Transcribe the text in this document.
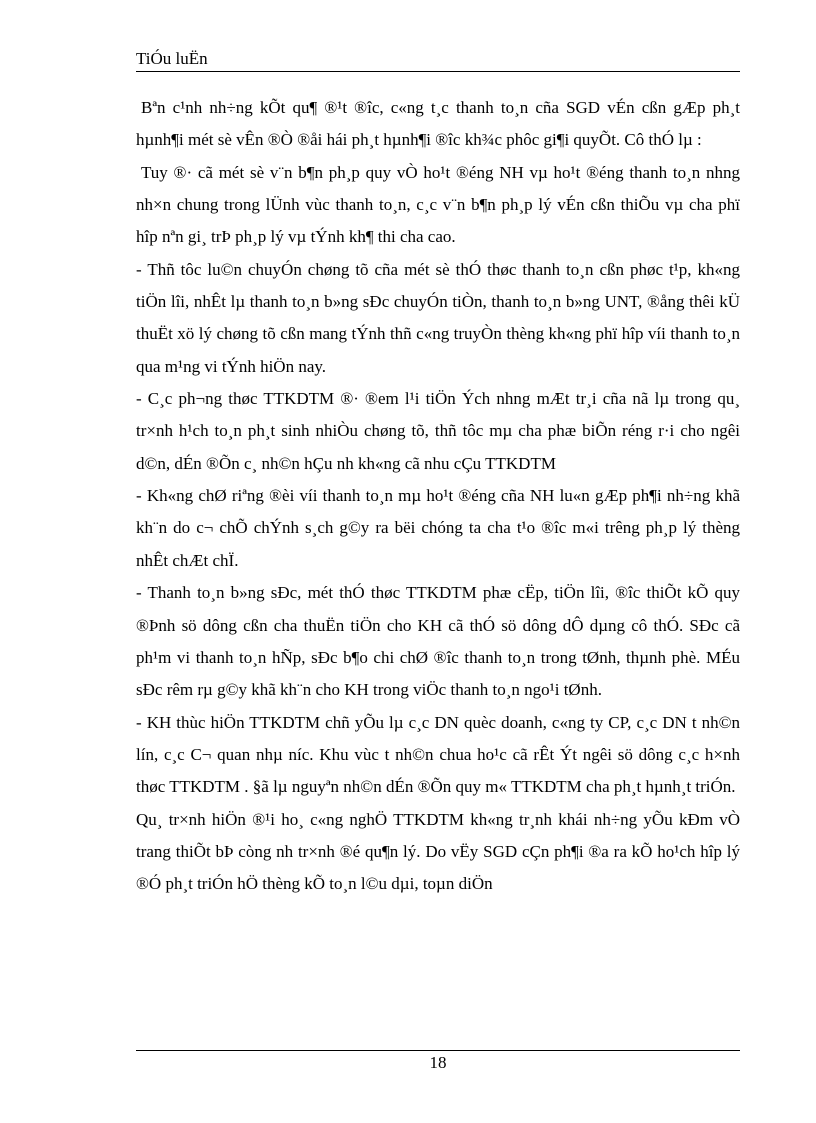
TiÓu luËn

Bªn c¹nh nh÷ng kÕt qu¶ ®¹t ®îc, c«ng t¸c thanh to¸n cña SGD vÉn cßn gÆp ph¸t hµnh¶i mét sè vÊn ®Ò ®åi hái ph¸t hµnh¶i ®îc kh¾c phôc gi¶i quyÕt. Cô thÓ lµ :

Tuy ®· cã mét sè v¨n b¶n ph¸p quy vÒ ho¹t ®éng NH vµ ho¹t ®éng thanh to¸n nhng nh×n chung trong lÜnh vùc thanh to¸n, c¸c v¨n b¶n ph¸p lý vÉn cßn thiÕu vµ cha phï hîp nªn gi¸ trÞ ph¸p lý vµ tÝnh kh¶ thi cha cao.

- Thñ tôc lu©n chuyÓn chøng tõ cña mét sè thÓ thøc thanh to¸n cßn phøc t¹p, kh«ng tiÖn lîi, nhÊt lµ thanh to¸n b»ng sÐc chuyÓn tiÒn, thanh to¸n b»ng UNT, ®ång thêi kÜ thuËt xö lý chøng tõ cßn mang tÝnh thñ c«ng truyÒn thèng kh«ng phï hîp víi thanh to¸n qua m¹ng vi tÝnh hiÖn nay.

- C¸c ph¬ng thøc TTKDTM ®· ®em l¹i tiÖn Ých nhng mÆt tr¸i cña nã lµ trong qu¸ tr×nh h¹ch to¸n ph¸t sinh nhiÒu chøng tõ, thñ tôc mµ cha phæ biÕn réng r·i cho ngêi d©n, dÉn ®Õn c¸ nh©n hÇu nh kh«ng cã nhu cÇu TTKDTM

- Kh«ng chØ riªng ®èi víi thanh to¸n mµ ho¹t ®éng cña NH lu«n gÆp ph¶i nh÷ng khã kh¨n do c¬ chÕ chÝnh s¸ch g©y ra bëi chóng ta cha t¹o ®îc m«i trêng ph¸p lý thèng nhÊt chÆt chÏ.

- Thanh to¸n b»ng sÐc, mét thÓ thøc TTKDTM phæ cËp, tiÖn lîi, ®îc thiÕt kÕ quy ®Þnh sö dông cßn cha thuËn tiÖn cho KH cã thÓ sö dông dÔ dµng cô thÓ. SÐc cã ph¹m vi thanh to¸n hÑp, sÐc b¶o chi chØ ®îc thanh to¸n trong tØnh, thµnh phè. MÉu sÐc rêm rµ g©y khã kh¨n cho KH trong viÖc thanh to¸n ngo¹i tØnh.

- KH thùc hiÖn TTKDTM chñ yÕu lµ c¸c DN quèc doanh, c«ng ty CP, c¸c DN t nh©n lín, c¸c C¬ quan nhµ níc. Khu vùc t nh©n chua ho¹c cã rÊt Ýt ngêi sö dông c¸c h×nh thøc TTKDTM . §ã lµ nguyªn nh©n dÉn ®Õn quy m« TTKDTM cha ph¸t hµnh¸t triÓn.

Qu¸ tr×nh hiÖn ®¹i ho¸ c«ng nghÖ TTKDTM kh«ng tr¸nh khái nh÷ng yÕu kÐm vÒ trang thiÕt bÞ còng nh tr×nh ®é qu¶n lý. Do vËy SGD cÇn ph¶i ®a ra kÕ ho¹ch hîp lý ®Ó ph¸t triÓn hÖ thèng kÕ to¸n l©u dµi, toµn diÖn

18
